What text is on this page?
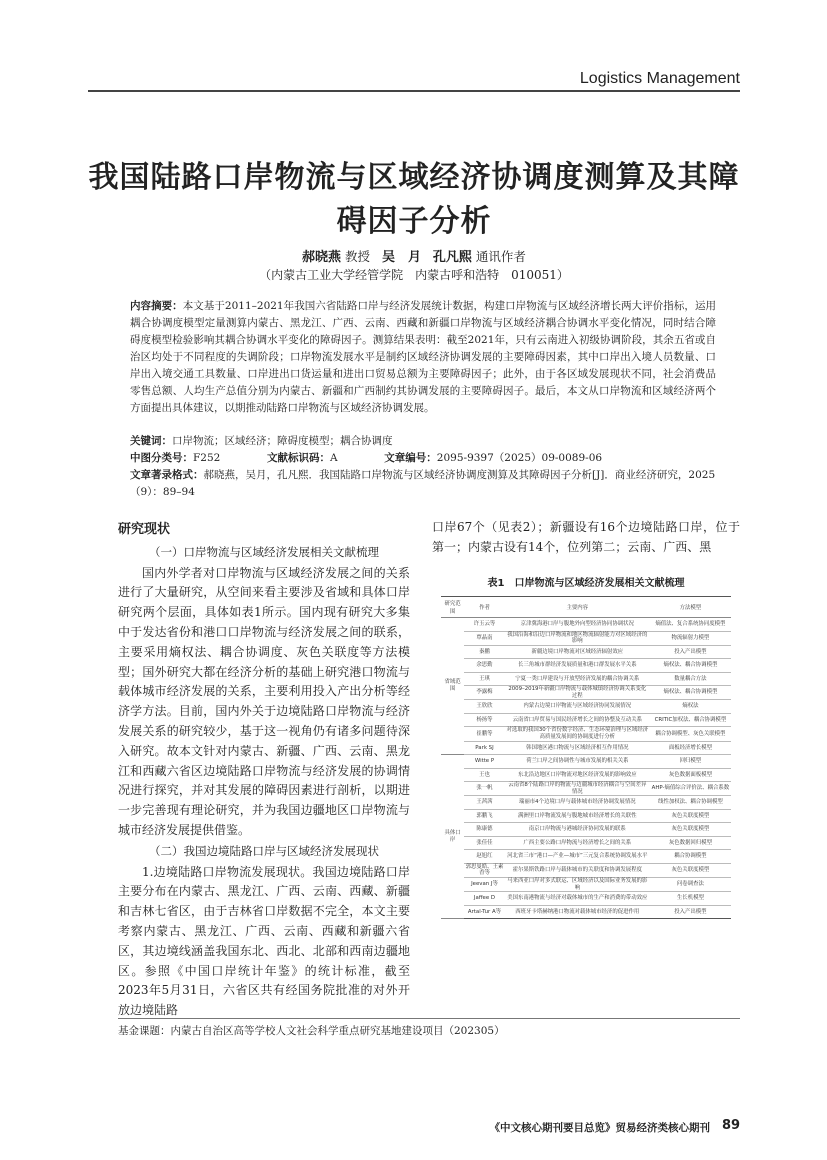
Logistics Management
我国陆路口岸物流与区域经济协调度测算及其障碍因子分析
郝晓燕 教授 吴　月 孔凡熙 通讯作者
（内蒙古工业大学经管学院　内蒙古呼和浩特　010051）
内容摘要：本文基于2011–2021年我国六省陆路口岸与经济发展统计数据，构建口岸物流与区域经济增长两大评价指标，运用耦合协调度模型定量测算内蒙古、黑龙江、广西、云南、西藏和新疆口岸物流与区域经济耦合协调水平变化情况，同时结合障碍度模型检验影响其耦合协调水平变化的障碍因子。测算结果表明：截至2021年，只有云南进入初级协调阶段，其余五省或自治区均处于不同程度的失调阶段；口岸物流发展水平是制约区域经济协调发展的主要障碍因素，其中口岸出入境人员数量、口岸出入境交通工具数量、口岸进出口货运量和进出口贸易总额为主要障碍因子；此外，由于各区域发展现状不同，社会消费品零售总额、人均生产总值分别为内蒙古、新疆和广西制约其协调发展的主要障碍因子。最后，本文从口岸物流和区域经济两个方面提出具体建议，以期推动陆路口岸物流与区域经济协调发展。
关键词：口岸物流；区域经济；障碍度模型；耦合协调度
中图分类号：F252	文献标识码：A	文章编号：2095-9397（2025）09-0089-06
文章著录格式：郝晓燕，吴月，孔凡熙．我国陆路口岸物流与区域经济协调度测算及其障碍因子分析[J]．商业经济研究，2025（9）：89–94
研究现状
（一）口岸物流与区域经济发展相关文献梳理

国内外学者对口岸物流与区域经济发展之间的关系进行了大量研究，从空间来看主要涉及省域和具体口岸研究两个层面，具体如表1所示。国内现有研究大多集中于发达省份和港口口岸物流与经济发展之间的联系，主要采用熵权法、耦合协调度、灰色关联度等方法模型；国外研究大都在经济分析的基础上研究港口物流与载体城市经济发展的关系，主要利用投入产出分析等经济学方法。目前，国内外关于边境陆路口岸物流与经济发展关系的研究较少，基于这一视角仍有诸多问题待深入研究。故本文针对内蒙古、新疆、广西、云南、黑龙江和西藏六省区边境陆路口岸物流与经济发展的协调情况进行探究，并对其发展的障碍因素进行剖析，以期进一步完善现有理论研究，并为我国边疆地区口岸物流与城市经济发展提供借鉴。

（二）我国边境陆路口岸与区域经济发展现状

1.边境陆路口岸物流发展现状。我国边境陆路口岸主要分布在内蒙古、黑龙江、广西、云南、西藏、新疆和吉林七省区，由于吉林省口岸数据不完全，本文主要考察内蒙古、黑龙江、广西、云南、西藏和新疆六省区，其边境线涵盖我国东北、西北、北部和西南边疆地区。参照《中国口岸统计年鉴》的统计标准，截至2023年5月31日，六省区共有经国务院批准的对外开放边境陆路

口岸67个（见表2）；新疆设有16个边境陆路口岸，位于第一；内蒙古设有14个，位列第二；云南、广西、黑
表1　口岸物流与区域经济发展相关文献梳理
研究范围	作者	主要内容	方法模型
省域范围	许玉云等	京津冀海港口岸与腹地外向型经济协同协调状况	熵值法、复合系统协同度模型
	覃晶南	我国沿海和沿边口岸物流和地区物流辐射能力对区域经济的影响	物流辐射力模型
	秦鹏	新疆边境口岸物流对区域经济辐射效应	投入产出模型
	余思勤	长三角城市群经济发展质量和港口群发展水平关系	熵权法、耦合协调模型
	王琪	宁夏一类口岸建设与开放型经济发展的耦合协调关系	数量耦合方法
	李露梅	2009–2019年新疆口岸物流与载体城镇经济协调关系变化过程	熵权法、耦合协调模型
	王欣欣	内蒙古边境口岸物流与区域经济协同发展情况	熵权法
	杨扬等	云南省口岸贸易与国民经济增长之间的协整及互动关系	CRITIC加权法、耦合协调模型
	崔鹏等	对选取的我国30个省份数字经济、生态环境治理与区域经济高质量发展间的协调度进行分析	耦合协调模型、灰色关联模型
	Park SJ	韩国地区港口物流与区域经济相互作用情况	面板经济增长模型
具体口岸	Witte P	荷兰口岸之间协调性与城市发展的相关关系	回归模型
	王也	东北沿边地区口岸物流对地区经济发展的影响效应	灰色数据面板模型
	张一帆	云南省8个陆路口岸的物流与边疆城市经济耦合与空间差异情况	AHP-熵值综合评价法、耦合系数
	王茜茜	瑞丽市4个边境口岸与载体城市经济协调发展情况	线性加权法、耦合协调模型
	郭鹏飞	满洲里口岸物流发展与腹地城市经济增长的关联性	灰色关联度模型
	陈康德	南京口岸物流与港城经济协同发展的联系	灰色关联度模型
	张佳佳	广西主要公路口岸物流与经济增长之间的关系	灰色数据回归模型
	赵旭红	河北省三市“港口—产业—城市”三元复合系统协调发展水平	耦合协调模型
	郭思曼皓、王素香等	霍尔果斯铁路口岸与载体城市的关联度和协调发展程度	灰色关联度模型
	Jeevan J等	马来西亚口岸对多式联运、区域经济以及国际业务发展的影响	问卷调查法
	Jaffee D	美国东南港物流与经济对载体城市的生产和消费的带动效应	生长机模型
	Artal-Tur A等	西班牙卡塔赫纳港口物流对载体城市经济的促进作用	投入产出模型
基金课题：内蒙古自治区高等学校人文社会科学重点研究基地建设项目（202305）
《中文核心期刊要目总览》贸易经济类核心期刊 89
